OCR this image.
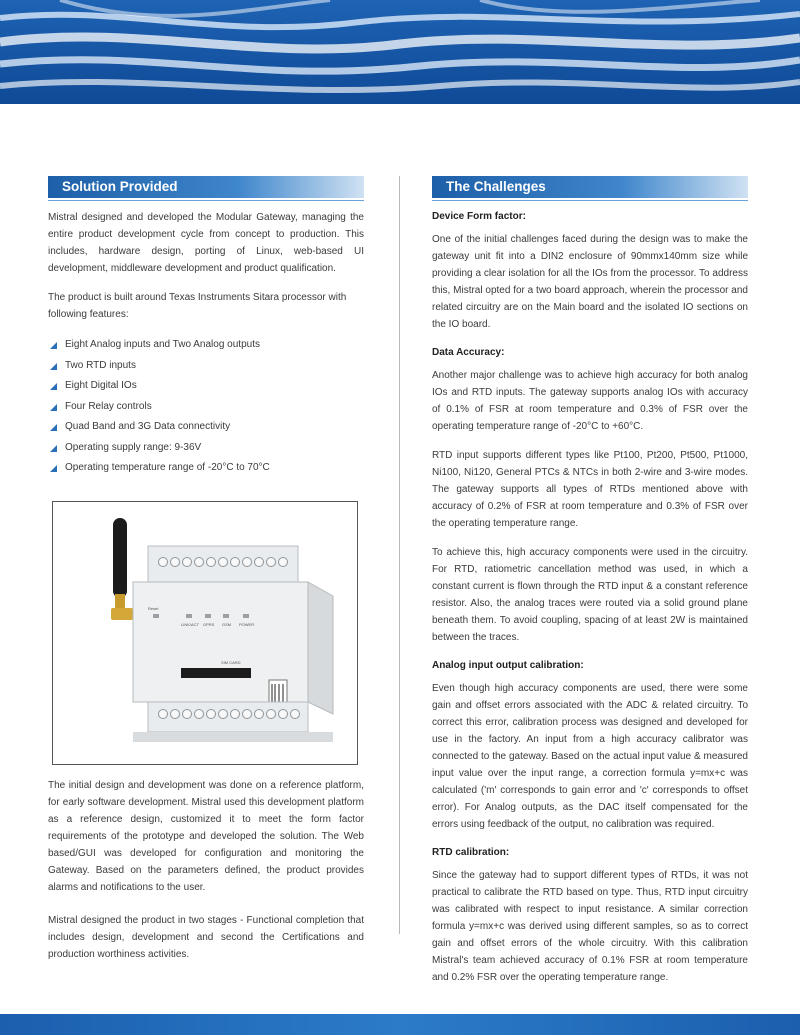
Solution Provided

Mistral designed and developed the Modular Gateway, managing the entire product development cycle from concept to production. This includes, hardware design, porting of Linux, web-based UI development, middleware development and product qualification.

The product is built around Texas Instruments Sitara processor with following features:

Eight Analog inputs and Two Analog outputs
Two RTD inputs
Eight Digital IOs
Four Relay controls
Quad Band and 3G Data connectivity
Operating supply range: 9-36V
Operating temperature range of -20°C to 70°C
Reset
LINK/ACT GPRS GSM POWER
SIM CARD

The initial design and development was done on a reference platform, for early software development. Mistral used this development platform as a reference design, customized it to meet the form factor requirements of the prototype and developed the solution. The Web based/GUI was developed for configuration and monitoring the Gateway. Based on the parameters defined, the product provides alarms and notifications to the user.

Mistral designed the product in two stages - Functional completion that includes design, development and second the Certifications and production worthiness activities.

The Challenges
Device Form factor:

One of the initial challenges faced during the design was to make the gateway unit fit into a DIN2 enclosure of 90mmx140mm size while providing a clear isolation for all the IOs from the processor. To address this, Mistral opted for a two board approach, wherein the processor and related circuitry are on the Main board and the isolated IO sections on the IO board.

Data Accuracy:

Another major challenge was to achieve high accuracy for both analog IOs and RTD inputs. The gateway supports analog IOs with accuracy of 0.1% of FSR at room temperature and 0.3% of FSR over the operating temperature range of -20°C to +60°C.

RTD input supports different types like Pt100, Pt200, Pt500, Pt1000, Ni100, Ni120, General PTCs & NTCs in both 2-wire and 3-wire modes. The gateway supports all types of RTDs mentioned above with accuracy of 0.2% of FSR at room temperature and 0.3% of FSR over the operating temperature range.

To achieve this, high accuracy components were used in the circuitry. For RTD, ratiometric cancellation method was used, in which a constant current is flown through the RTD input & a constant reference resistor. Also, the analog traces were routed via a solid ground plane beneath them. To avoid coupling, spacing of at least 2W is maintained between the traces.

Analog input output calibration:

Even though high accuracy components are used, there were some gain and offset errors associated with the ADC & related circuitry. To correct this error, calibration process was designed and developed for use in the factory. An input from a high accuracy calibrator was connected to the gateway. Based on the actual input value & measured input value over the input range, a correction formula y=mx+c was calculated ('m' corresponds to gain error and 'c' corresponds to offset error). For Analog outputs, as the DAC itself compensated for the errors using feedback of the output, no calibration was required.

RTD calibration:

Since the gateway had to support different types of RTDs, it was not practical to calibrate the RTD based on type. Thus, RTD input circuitry was calibrated with respect to input resistance. A similar correction formula y=mx+c was derived using different samples, so as to correct gain and offset errors of the whole circuitry. With this calibration Mistral's team achieved accuracy of 0.1% FSR at room temperature and 0.2% FSR over the operating temperature range.
